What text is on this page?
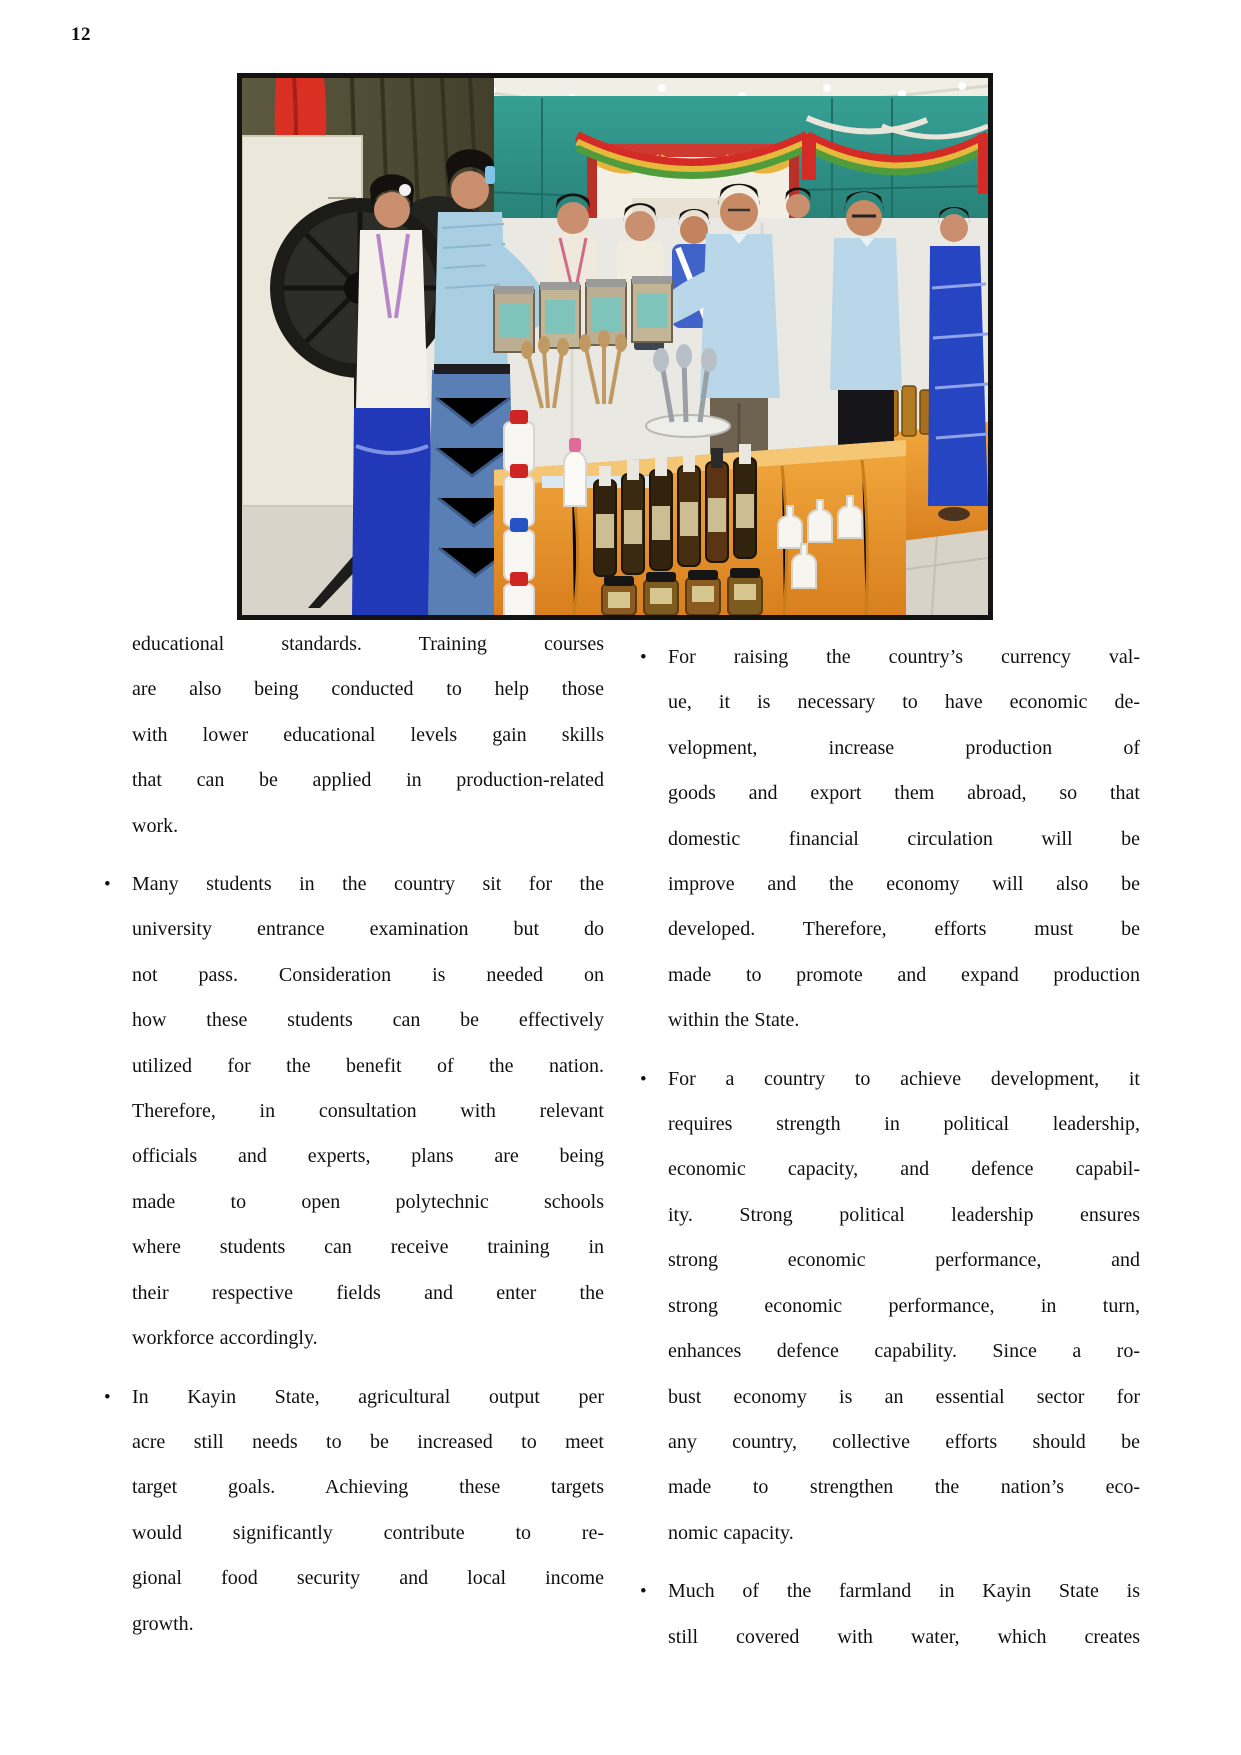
12
educational standards. Training courses
are also being conducted to help those
with lower educational levels gain skills
that can be applied in production-related
work.
•	Many students in the country sit for the
university entrance examination but do
not pass. Consideration is needed on
how these students can be effectively
utilized for the benefit of the nation.
Therefore, in consultation with relevant
officials and experts, plans are being
made to open polytechnic schools
where students can receive training in
their respective fields and enter the
workforce accordingly.
•	In Kayin State, agricultural output per
acre still needs to be increased to meet
target goals. Achieving these targets
would significantly contribute to re-
gional food security and local income
growth.
•	For raising the country’s currency val-
ue, it is necessary to have economic de-
velopment, increase production of
goods and export them abroad, so that
domestic financial circulation will be
improve and the economy will also be
developed. Therefore, efforts must be
made to promote and expand production
within the State.
•	For a country to achieve development, it
requires strength in political leadership,
economic capacity, and defence capabil-
ity. Strong political leadership ensures
strong economic performance, and
strong economic performance, in turn,
enhances defence capability. Since a ro-
bust economy is an essential sector for
any country, collective efforts should be
made to strengthen the nation’s eco-
nomic capacity.
•	Much of the farmland in Kayin State is
still covered with water, which creates
